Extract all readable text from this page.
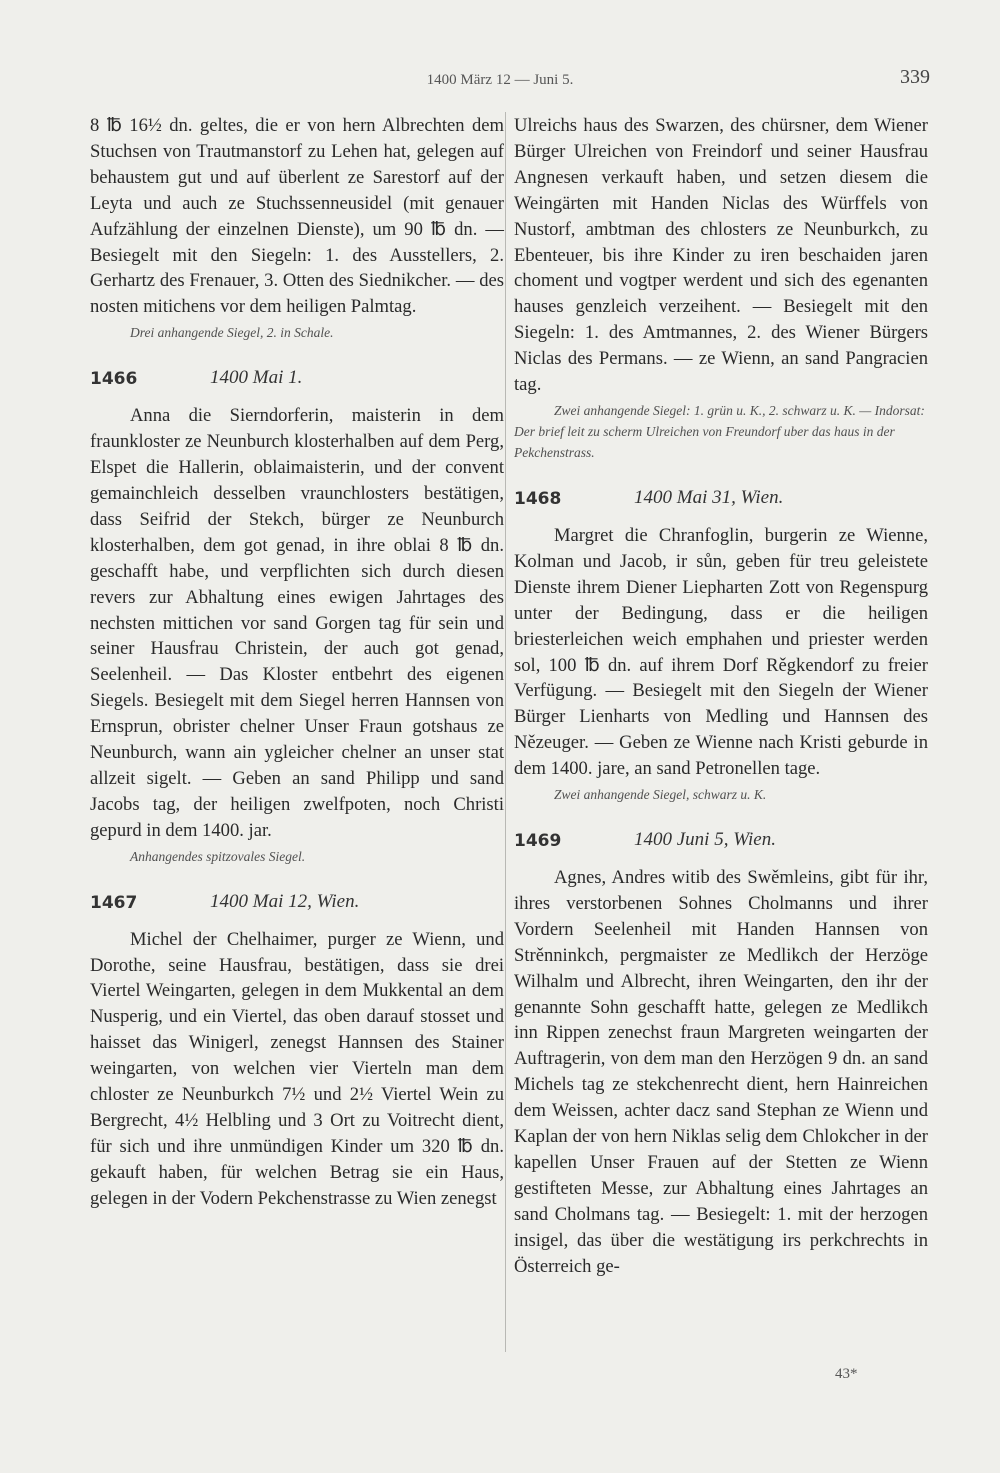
1400 März 12 — Juni 5.	339

8 ℔ 16½ dn. geltes, die er von hern Albrechten dem Stuchsen von Trautmanstorf zu Lehen hat, gelegen auf behaustem gut und auf überlent ze Sarestorf auf der Leyta und auch ze Stuchssenneusidel (mit genauer Aufzählung der einzelnen Dienste), um 90 ℔ dn. — Besiegelt mit den Siegeln: 1. des Ausstellers, 2. Gerhartz des Frenauer, 3. Otten des Siednikcher. — des nosten mitichens vor dem heiligen Palmtag.

Drei anhangende Siegel, 2. in Schale.

1466	1400 Mai 1.

Anna die Sierndorferin, maisterin in dem fraunkloster ze Neunburch klosterhalben auf dem Perg, Elspet die Hallerin, oblaimaisterin, und der convent gemainchleich desselben vraunchlosters bestätigen, dass Seifrid der Stekch, bürger ze Neunburch klosterhalben, dem got genad, in ihre oblai 8 ℔ dn. geschafft habe, und verpflichten sich durch diesen revers zur Abhaltung eines ewigen Jahrtages des nechsten mittichen vor sand Gorgen tag für sein und seiner Hausfrau Christein, der auch got genad, Seelenheil. — Das Kloster entbehrt des eigenen Siegels. Besiegelt mit dem Siegel herren Hannsen von Ernsprun, obrister chelner Unser Fraun gotshaus ze Neunburch, wann ain ygleicher chelner an unser stat allzeit sigelt. — Geben an sand Philipp und sand Jacobs tag, der heiligen zwelfpoten, noch Christi gepurd in dem 1400. jar.

Anhangendes spitzovales Siegel.

1467	1400 Mai 12, Wien.

Michel der Chelhaimer, purger ze Wienn, und Dorothe, seine Hausfrau, bestätigen, dass sie drei Viertel Weingarten, gelegen in dem Mukkental an dem Nusperig, und ein Viertel, das oben darauf stosset und haisset das Winigerl, zenegst Hannsen des Stainer weingarten, von welchen vier Vierteln man dem chloster ze Neunburkch 7½ und 2½ Viertel Wein zu Bergrecht, 4½ Helbling und 3 Ort zu Voitrecht dient, für sich und ihre unmündigen Kinder um 320 ℔ dn. gekauft haben, für welchen Betrag sie ein Haus, gelegen in der Vodern Pekchenstrasse zu Wien zenegst

Ulreichs haus des Swarzen, des chürsner, dem Wiener Bürger Ulreichen von Freindorf und seiner Hausfrau Angnesen verkauft haben, und setzen diesem die Weingärten mit Handen Niclas des Würffels von Nustorf, ambtman des chlosters ze Neunburkch, zu Ebenteuer, bis ihre Kinder zu iren beschaiden jaren choment und vogtper werdent und sich des egenanten hauses genzleich verzeihent. — Besiegelt mit den Siegeln: 1. des Amtmannes, 2. des Wiener Bürgers Niclas des Permans. — ze Wienn, an sand Pangracien tag.

Zwei anhangende Siegel: 1. grün u. K., 2. schwarz u. K. — Indorsat: Der brief leit zu scherm Ulreichen von Freundorf uber das haus in der Pekchenstrass.

1468	1400 Mai 31, Wien.

Margret die Chranfoglin, burgerin ze Wienne, Kolman und Jacob, ir sůn, geben für treu geleistete Dienste ihrem Diener Liepharten Zott von Regenspurg unter der Bedingung, dass er die heiligen briesterleichen weich emphahen und priester werden sol, 100 ℔ dn. auf ihrem Dorf Rěgkendorf zu freier Verfügung. — Besiegelt mit den Siegeln der Wiener Bürger Lienharts von Medling und Hannsen des Nězeuger. — Geben ze Wienne nach Kristi geburde in dem 1400. jare, an sand Petronellen tage.

Zwei anhangende Siegel, schwarz u. K.

1469	1400 Juni 5, Wien.

Agnes, Andres witib des Swěmleins, gibt für ihr, ihres verstorbenen Sohnes Cholmanns und ihrer Vordern Seelenheil mit Handen Hannsen von Strěnninkch, pergmaister ze Medlikch der Herzöge Wilhalm und Albrecht, ihren Weingarten, den ihr der genannte Sohn geschafft hatte, gelegen ze Medlikch inn Rippen zenechst fraun Margreten weingarten der Auftragerin, von dem man den Herzögen 9 dn. an sand Michels tag ze stekchenrecht dient, hern Hainreichen dem Weissen, achter dacz sand Stephan ze Wienn und Kaplan der von hern Niklas selig dem Chlokcher in der kapellen Unser Frauen auf der Stetten ze Wienn gestifteten Messe, zur Abhaltung eines Jahrtages an sand Cholmans tag. — Besiegelt: 1. mit der herzogen insigel, das über die westätigung irs perkchrechts in Österreich ge-

43*
